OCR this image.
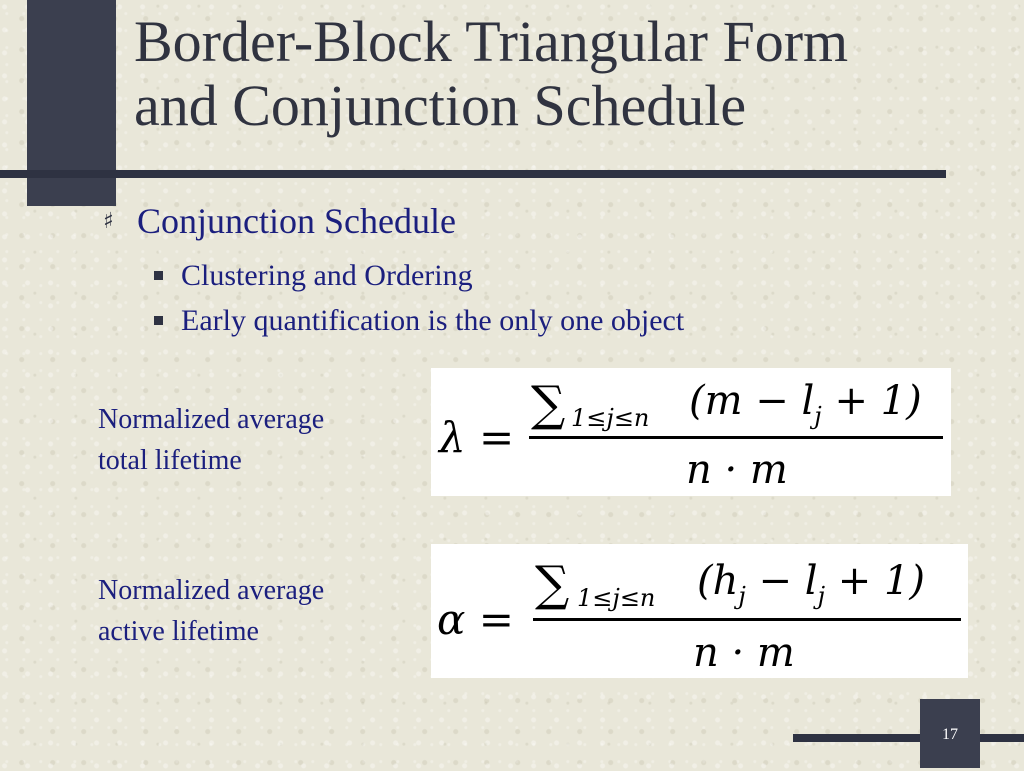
Border-Block Triangular Form
and Conjunction Schedule
♯ Conjunction Schedule
Clustering and Ordering
Early quantification is the only one object
Normalized average
total lifetime	λ =
∑ 1≤j≤n $(m - l_j + 1)$
n · m
Normalized average
active lifetime	α =
∑ 1≤j≤n $(h_j - l_j + 1)$
n · m
17
